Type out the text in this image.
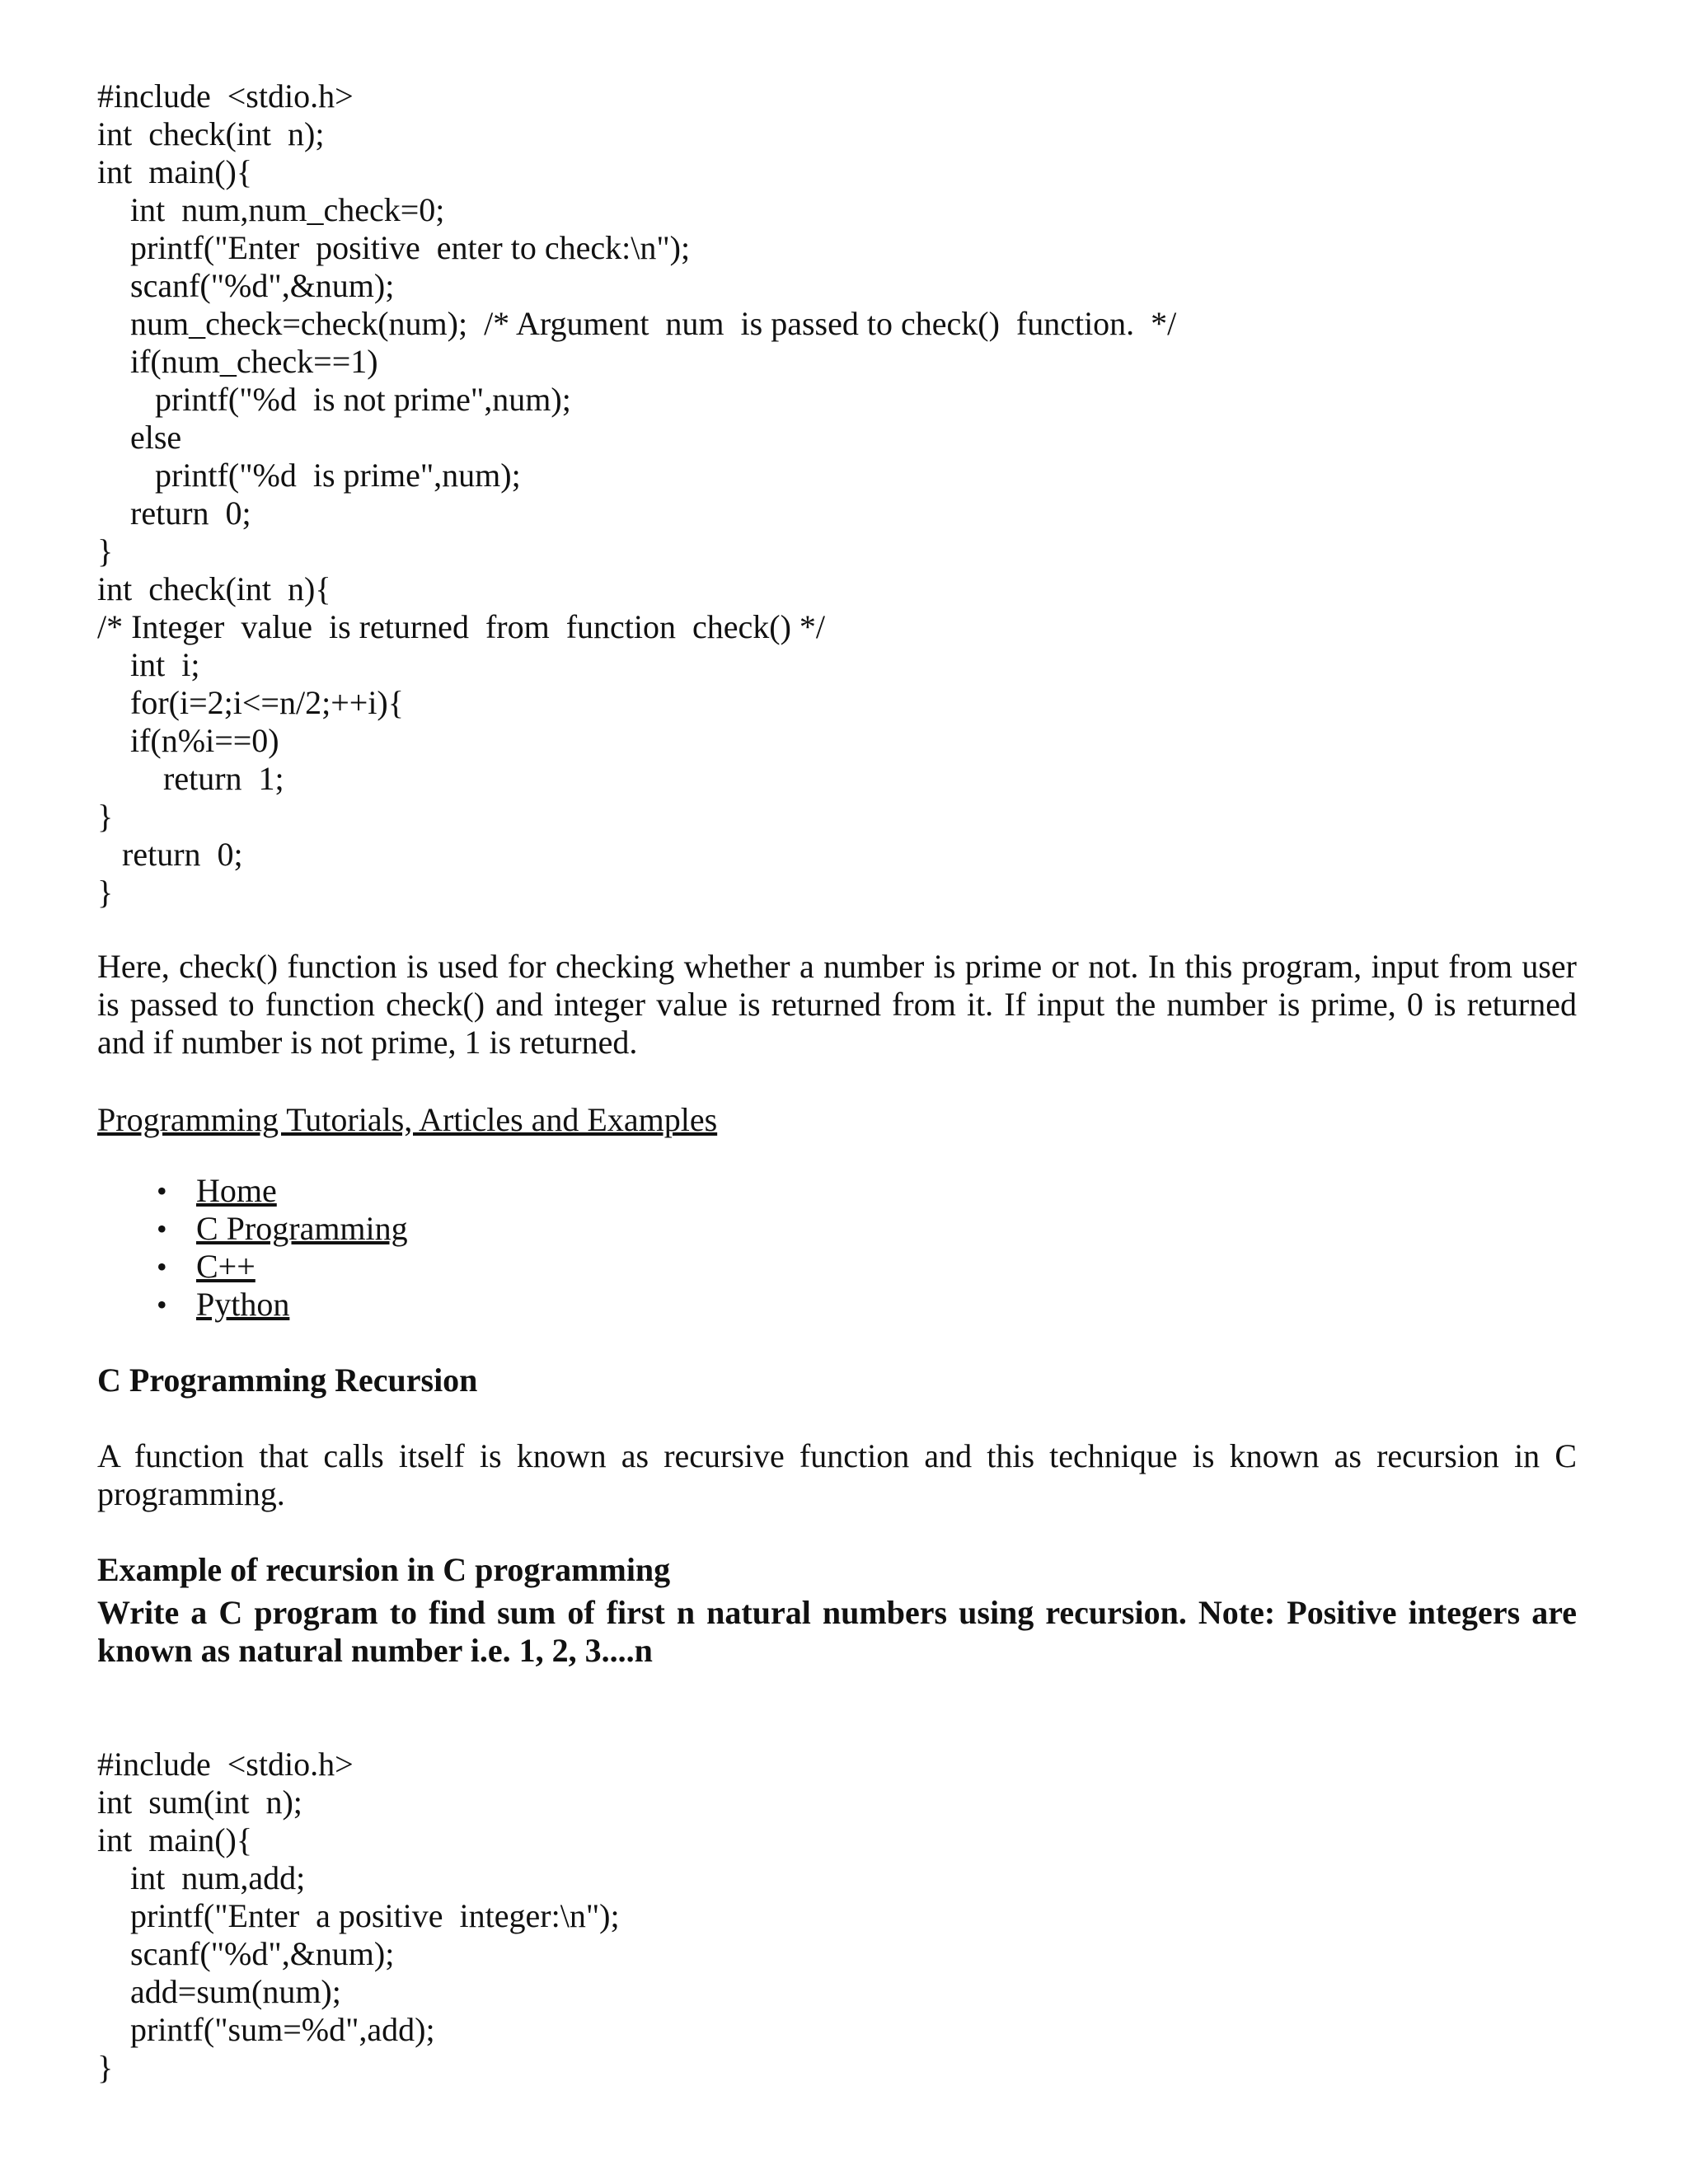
#include  <stdio.h>
int  check(int  n);
int  main(){
int  num,num_check=0;
printf("Enter  positive  enter to check:\n");
scanf("%d",&num);
num_check=check(num);  /* Argument  num  is passed to check()  function.  */
if(num_check==1)
printf("%d  is not prime",num);
else
printf("%d  is prime",num);
return  0;
}
int  check(int  n){
/* Integer  value  is returned  from  function  check() */
int  i;
for(i=2;i<=n/2;++i){
if(n%i==0)
return  1;
}
return  0;
}
Here, check() function is used for checking whether a number is prime or not. In this program, input from user
is passed to function check() and integer value is returned from it. If input the number is prime, 0 is returned
and if number is not prime, 1 is returned.
Programming Tutorials, Articles and Examples
• Home
• C Programming
• C++
• Python
C Programming Recursion
A function that calls itself is known as recursive function and this technique is known as recursion in C
programming.
Example of recursion in C programming
Write a C program to find sum of first n natural numbers using recursion. Note: Positive integers are
known as natural number i.e. 1, 2, 3....n
#include  <stdio.h>
int  sum(int  n);
int  main(){
int  num,add;
printf("Enter  a positive  integer:\n");
scanf("%d",&num);
add=sum(num);
printf("sum=%d",add);
}
